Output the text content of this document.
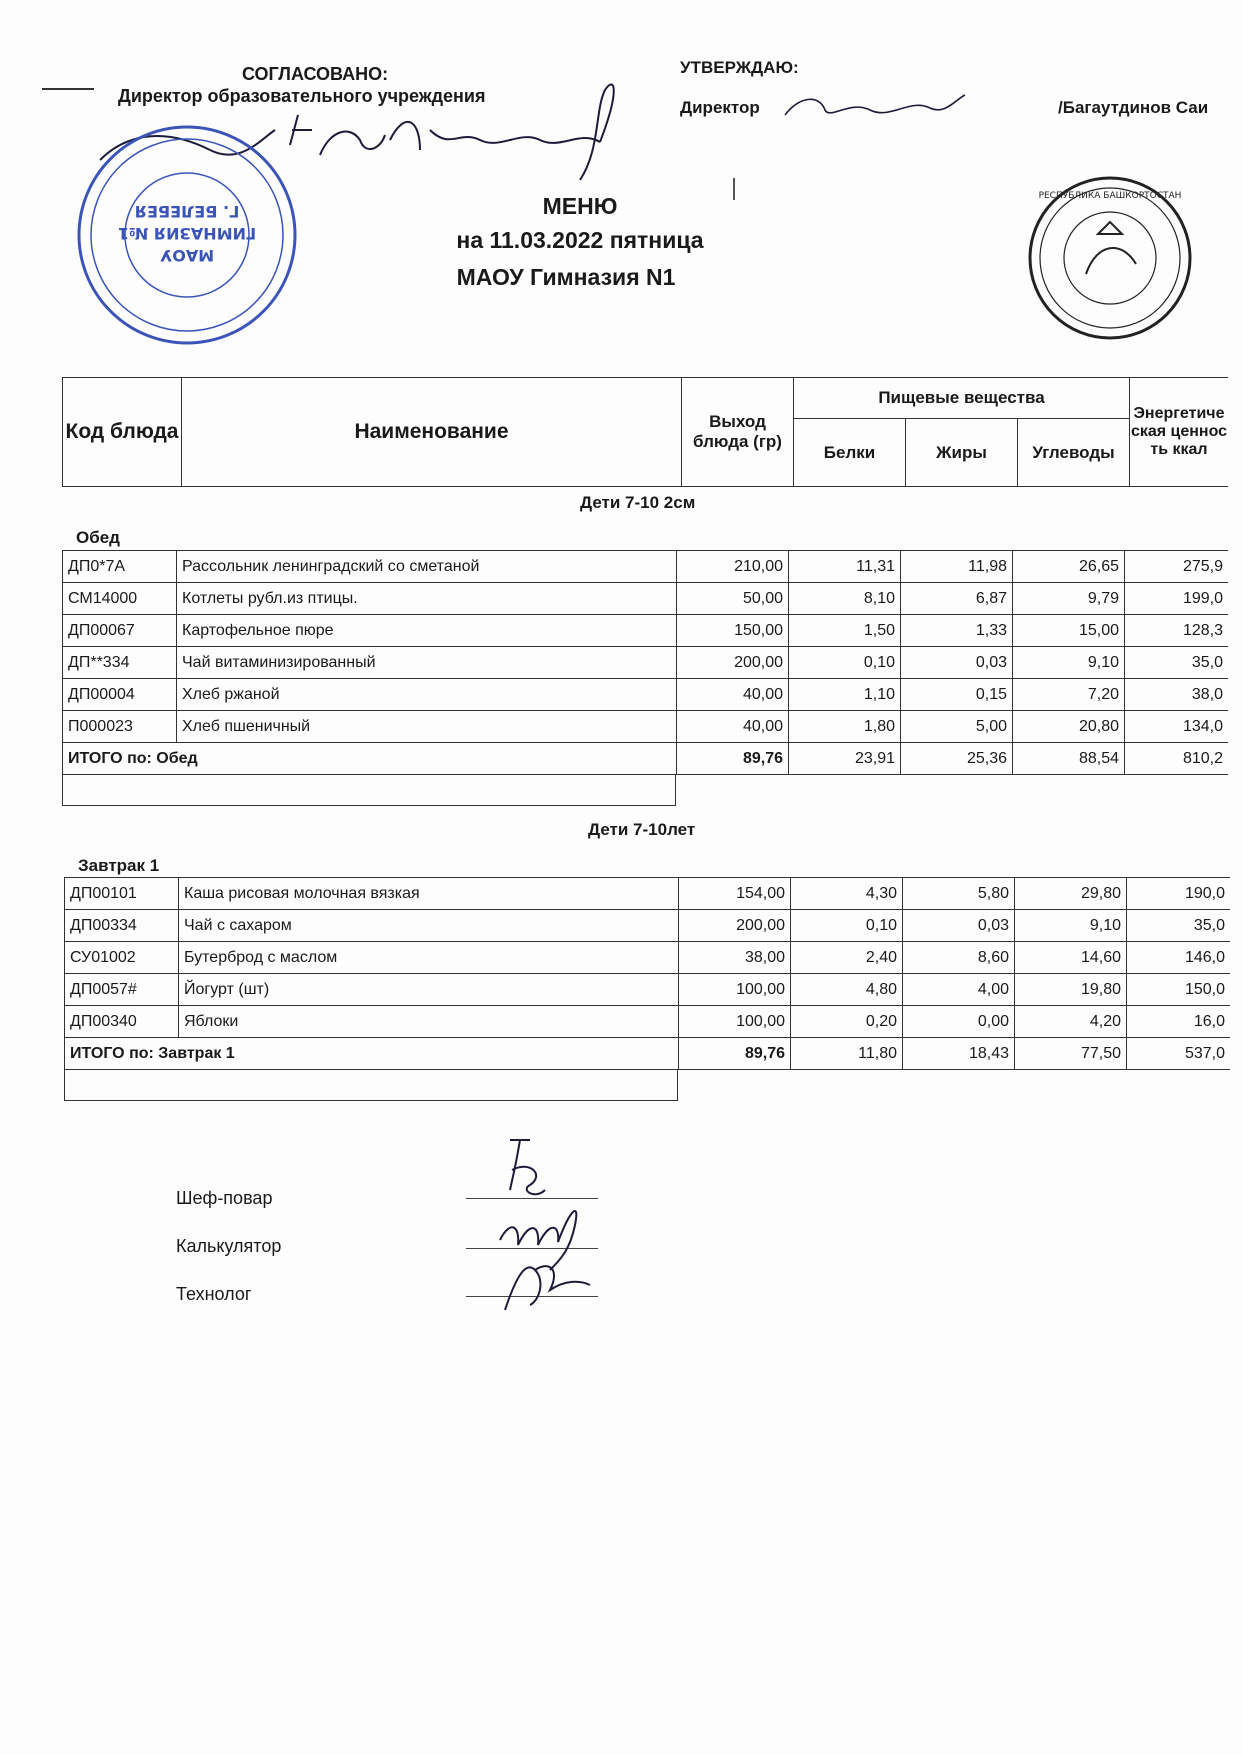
СОГЛАСОВАНО:
Директор образовательного учреждения
УТВЕРЖДАЮ:
Директор	/Багаутдинов Саи
МАОУ
ГИМНАЗИЯ №1
Г. БЕЛЕБЕЯ
РЕСПУБЛИКА БАШКОРТОСТАН
МЕНЮ
на 11.03.2022 пятница
МАОУ Гимназия N1
Код блюда	Наименование	Выход блюда (гр)
Пищевые вещества
Белки	Жиры	Углеводы
Энергетическая ценность ккал
Дети 7-10 2см
Обед
ДП0*7А	Рассольник ленинградский со сметаной	210,00	11,31	11,98	26,65	275,9
СМ14000	Котлеты рубл.из птицы.	50,00	8,10	6,87	9,79	199,0
ДП00067	Картофельное пюре	150,00	1,50	1,33	15,00	128,3
ДП**334	Чай витаминизированный	200,00	0,10	0,03	9,10	35,0
ДП00004	Хлеб ржаной	40,00	1,10	0,15	7,20	38,0
П000023	Хлеб пшеничный	40,00	1,80	5,00	20,80	134,0
ИТОГО по: Обед	89,76	23,91	25,36	88,54	810,2
Дети 7-10лет
Завтрак 1
ДП00101	Каша рисовая молочная вязкая	154,00	4,30	5,80	29,80	190,0
ДП00334	Чай с сахаром	200,00	0,10	0,03	9,10	35,0
СУ01002	Бутерброд с маслом	38,00	2,40	8,60	14,60	146,0
ДП0057#	Йогурт (шт)	100,00	4,80	4,00	19,80	150,0
ДП00340	Яблоки	100,00	0,20	0,00	4,20	16,0
ИТОГО по: Завтрак 1	89,76	11,80	18,43	77,50	537,0
Шеф-повар
Калькулятор
Технолог
